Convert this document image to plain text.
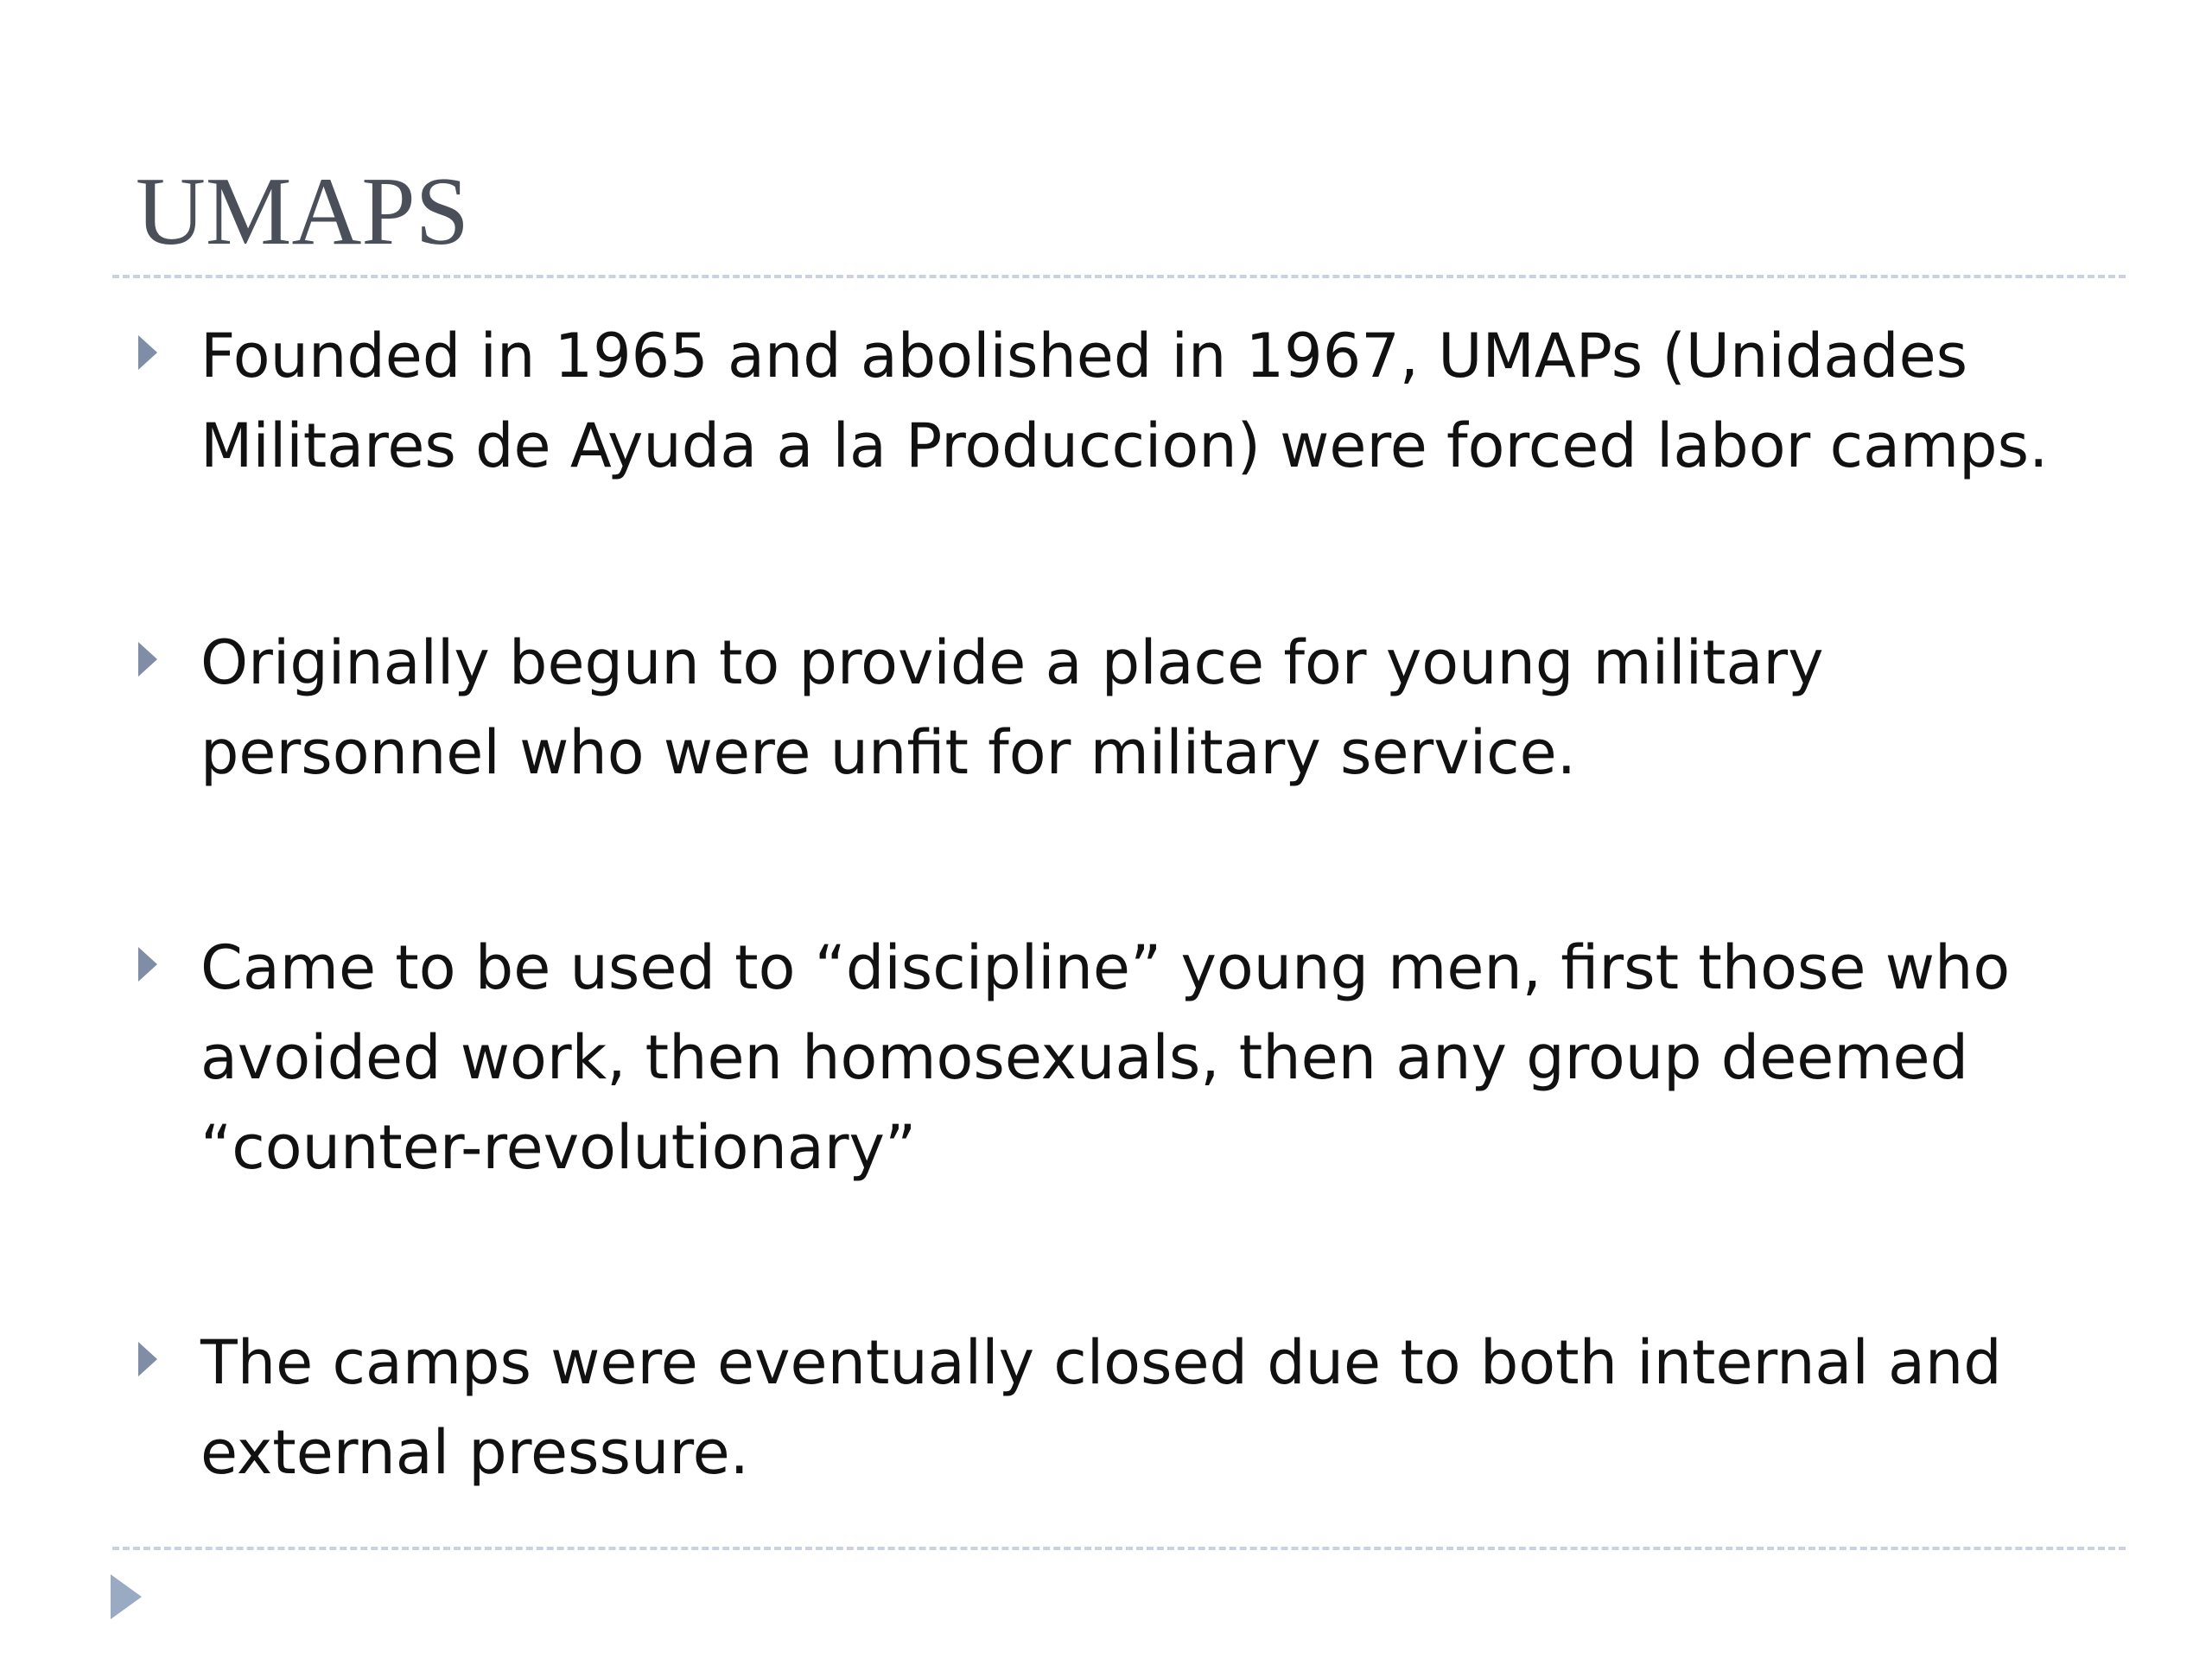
UMAPS

Founded in 1965 and abolished in 1967, UMAPs (Unidades Militares de Ayuda a la Produccion) were forced labor camps.

Originally begun to provide a place for young military personnel who were unfit for military service.

Came to be used to “discipline” young men, first those who avoided work, then homosexuals, then any group deemed “counter-revolutionary”

The camps were eventually closed due to both internal and external pressure.
